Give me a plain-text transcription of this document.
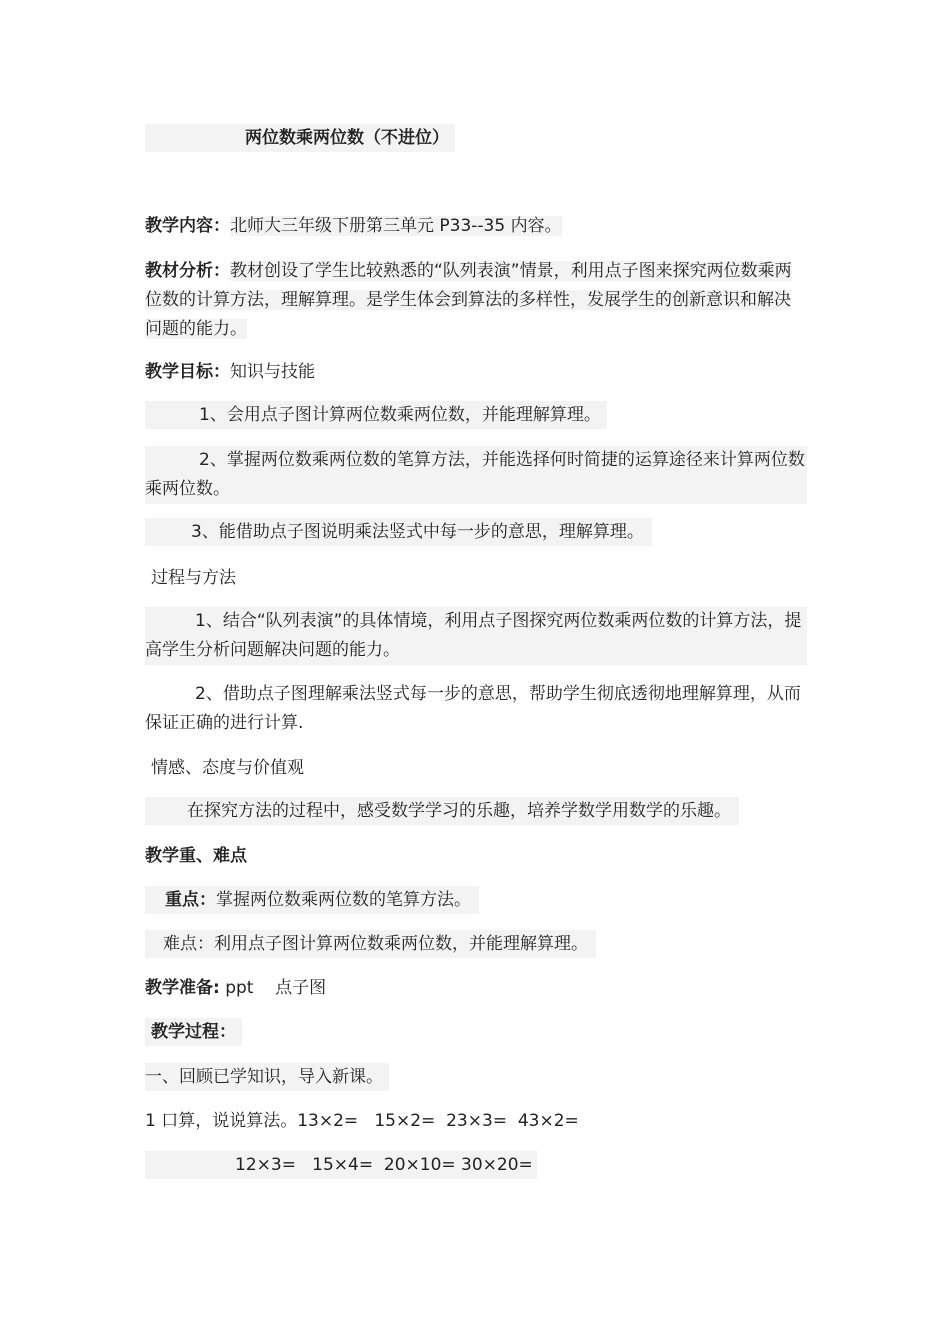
两位数乘两位数（不进位）
教学内容：北师大三年级下册第三单元 P33--35 内容。
教材分析：教材创设了学生比较熟悉的“队列表演”情景，利用点子图来探究两位数乘两位数的计算方法，理解算理。是学生体会到算法的多样性，发展学生的创新意识和解决问题的能力。
教学目标：知识与技能
1、会用点子图计算两位数乘两位数，并能理解算理。
2、掌握两位数乘两位数的笔算方法，并能选择何时简捷的运算途径来计算两位数乘两位数。
3、能借助点子图说明乘法竖式中每一步的意思，理解算理。
过程与方法
1、结合“队列表演”的具体情境，利用点子图探究两位数乘两位数的计算方法，提高学生分析问题解决问题的能力。
2、借助点子图理解乘法竖式每一步的意思，帮助学生彻底透彻地理解算理，从而保证正确的进行计算.
情感、态度与价值观
在探究方法的过程中，感受数学学习的乐趣，培养学数学用数学的乐趣。
教学重、难点
重点：掌握两位数乘两位数的笔算方法。
难点：利用点子图计算两位数乘两位数，并能理解算理。
教学准备: ppt    点子图
教学过程：
一、回顾已学知识，导入新课。
1 口算，说说算法。13×2=   15×2=  23×3=  43×2=
12×3=   15×4=  20×10= 30×20=
